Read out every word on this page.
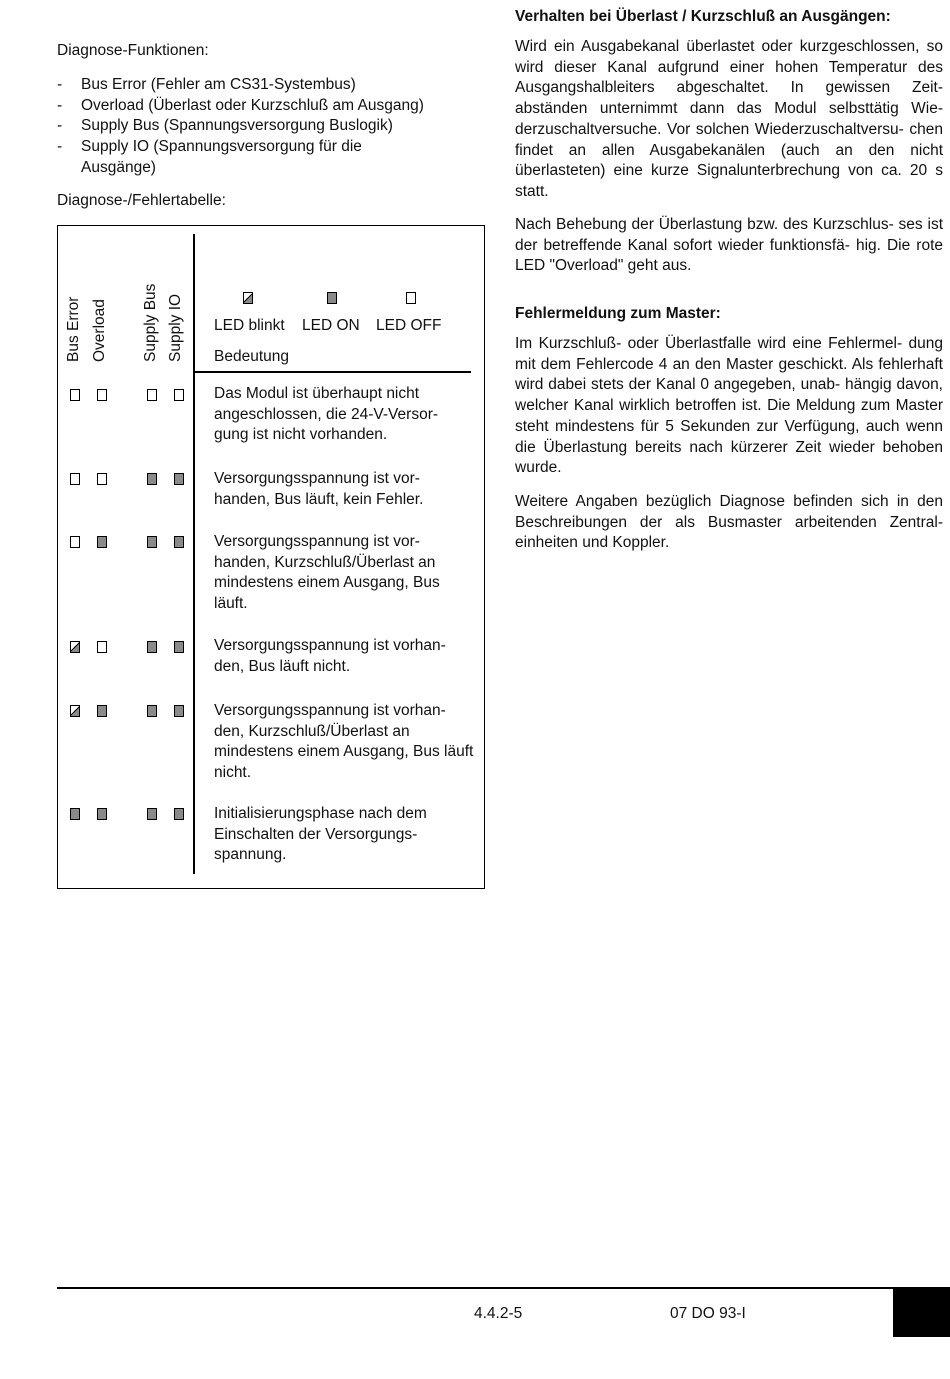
Diagnose-Funktionen:
- Bus Error (Fehler am CS31-Systembus)
- Overload (Überlast oder Kurzschluß am Ausgang)
- Supply Bus (Spannungsversorgung Buslogik)
- Supply IO (Spannungsversorgung für die Ausgänge)
Diagnose-/Fehlertabelle:
Bus Error Overload Supply Bus Supply IO LED blinkt LED ON LED OFF
Bedeutung
Das Modul ist überhaupt nicht angeschlossen, die 24-V-Versor- gung ist nicht vorhanden.
Versorgungsspannung ist vor- handen, Bus läuft, kein Fehler.
Versorgungsspannung ist vor- handen, Kurzschluß/Überlast an mindestens einem Ausgang, Bus läuft.
Versorgungsspannung ist vorhan- den, Bus läuft nicht.
Versorgungsspannung ist vorhan- den, Kurzschluß/Überlast an mindestens einem Ausgang, Bus läuft nicht.
Initialisierungsphase nach dem Einschalten der Versorgungs- spannung.
Verhalten bei Überlast / Kurzschluß an Ausgängen:
Wird ein Ausgabekanal überlastet oder kurzgeschlossen, so wird dieser Kanal aufgrund einer hohen Temperatur des Ausgangshalbleiters abgeschaltet. In gewissen Zeit- abständen unternimmt dann das Modul selbsttätig Wie- derzuschaltversuche. Vor solchen Wiederzuschaltversu- chen findet an allen Ausgabekanälen (auch an den nicht überlasteten) eine kurze Signalunterbrechung von ca. 20 s statt.
Nach Behebung der Überlastung bzw. des Kurzschlus- ses ist der betreffende Kanal sofort wieder funktionsfä- hig. Die rote LED "Overload" geht aus.
Fehlermeldung zum Master:
Im Kurzschluß- oder Überlastfalle wird eine Fehlermel- dung mit dem Fehlercode 4 an den Master geschickt. Als fehlerhaft wird dabei stets der Kanal 0 angegeben, unab- hängig davon, welcher Kanal wirklich betroffen ist. Die Meldung zum Master steht mindestens für 5 Sekunden zur Verfügung, auch wenn die Überlastung bereits nach kürzerer Zeit wieder behoben wurde.
Weitere Angaben bezüglich Diagnose befinden sich in den Beschreibungen der als Busmaster arbeitenden Zentral- einheiten und Koppler.
4.4.2-5	07 DO 93-I
